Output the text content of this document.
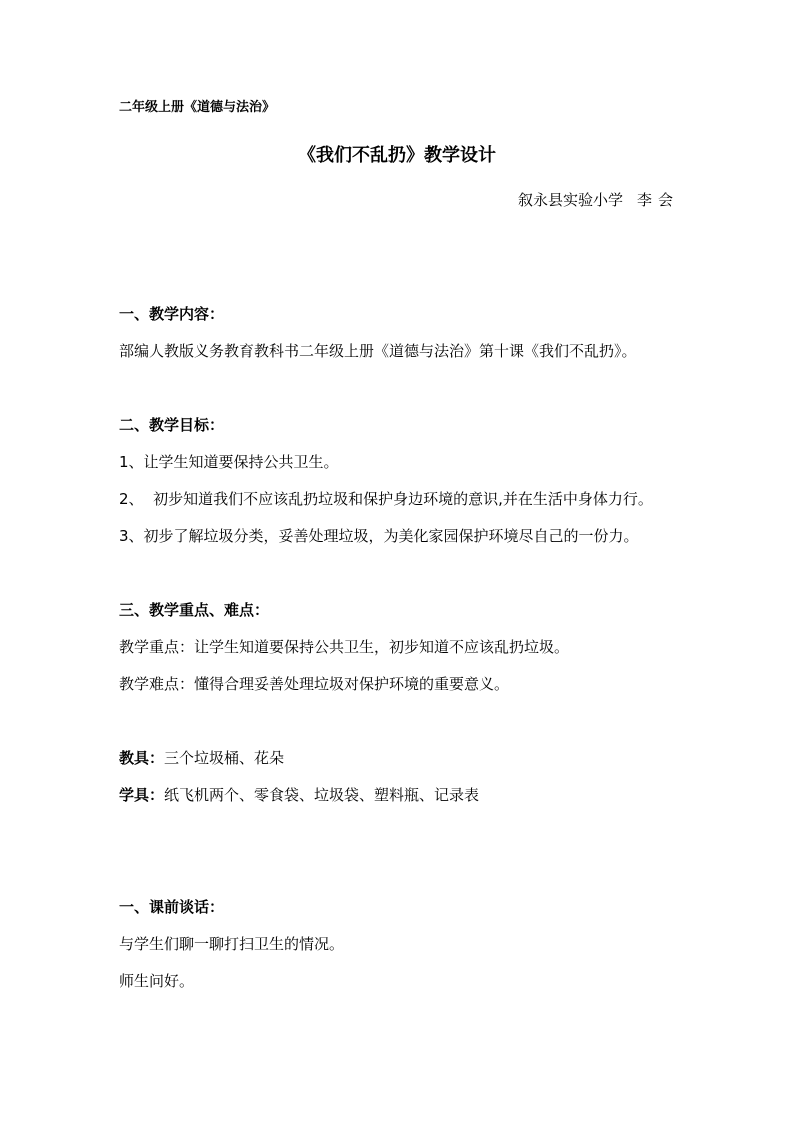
二年级上册《道德与法治》
《我们不乱扔》教学设计
叙永县实验小学 李 会
一、教学内容：
部编人教版义务教育教科书二年级上册《道德与法治》第十课《我们不乱扔》。
二、教学目标：
1、让学生知道要保持公共卫生。
2、  初步知道我们不应该乱扔垃圾和保护身边环境的意识,并在生活中身体力行。
3、初步了解垃圾分类，妥善处理垃圾，为美化家园保护环境尽自己的一份力。
三、教学重点、难点：
教学重点：让学生知道要保持公共卫生，初步知道不应该乱扔垃圾。
教学难点：懂得合理妥善处理垃圾对保护环境的重要意义。
教具：三个垃圾桶、花朵
学具：纸飞机两个、零食袋、垃圾袋、塑料瓶、记录表
一、课前谈话：
与学生们聊一聊打扫卫生的情况。
师生问好。
